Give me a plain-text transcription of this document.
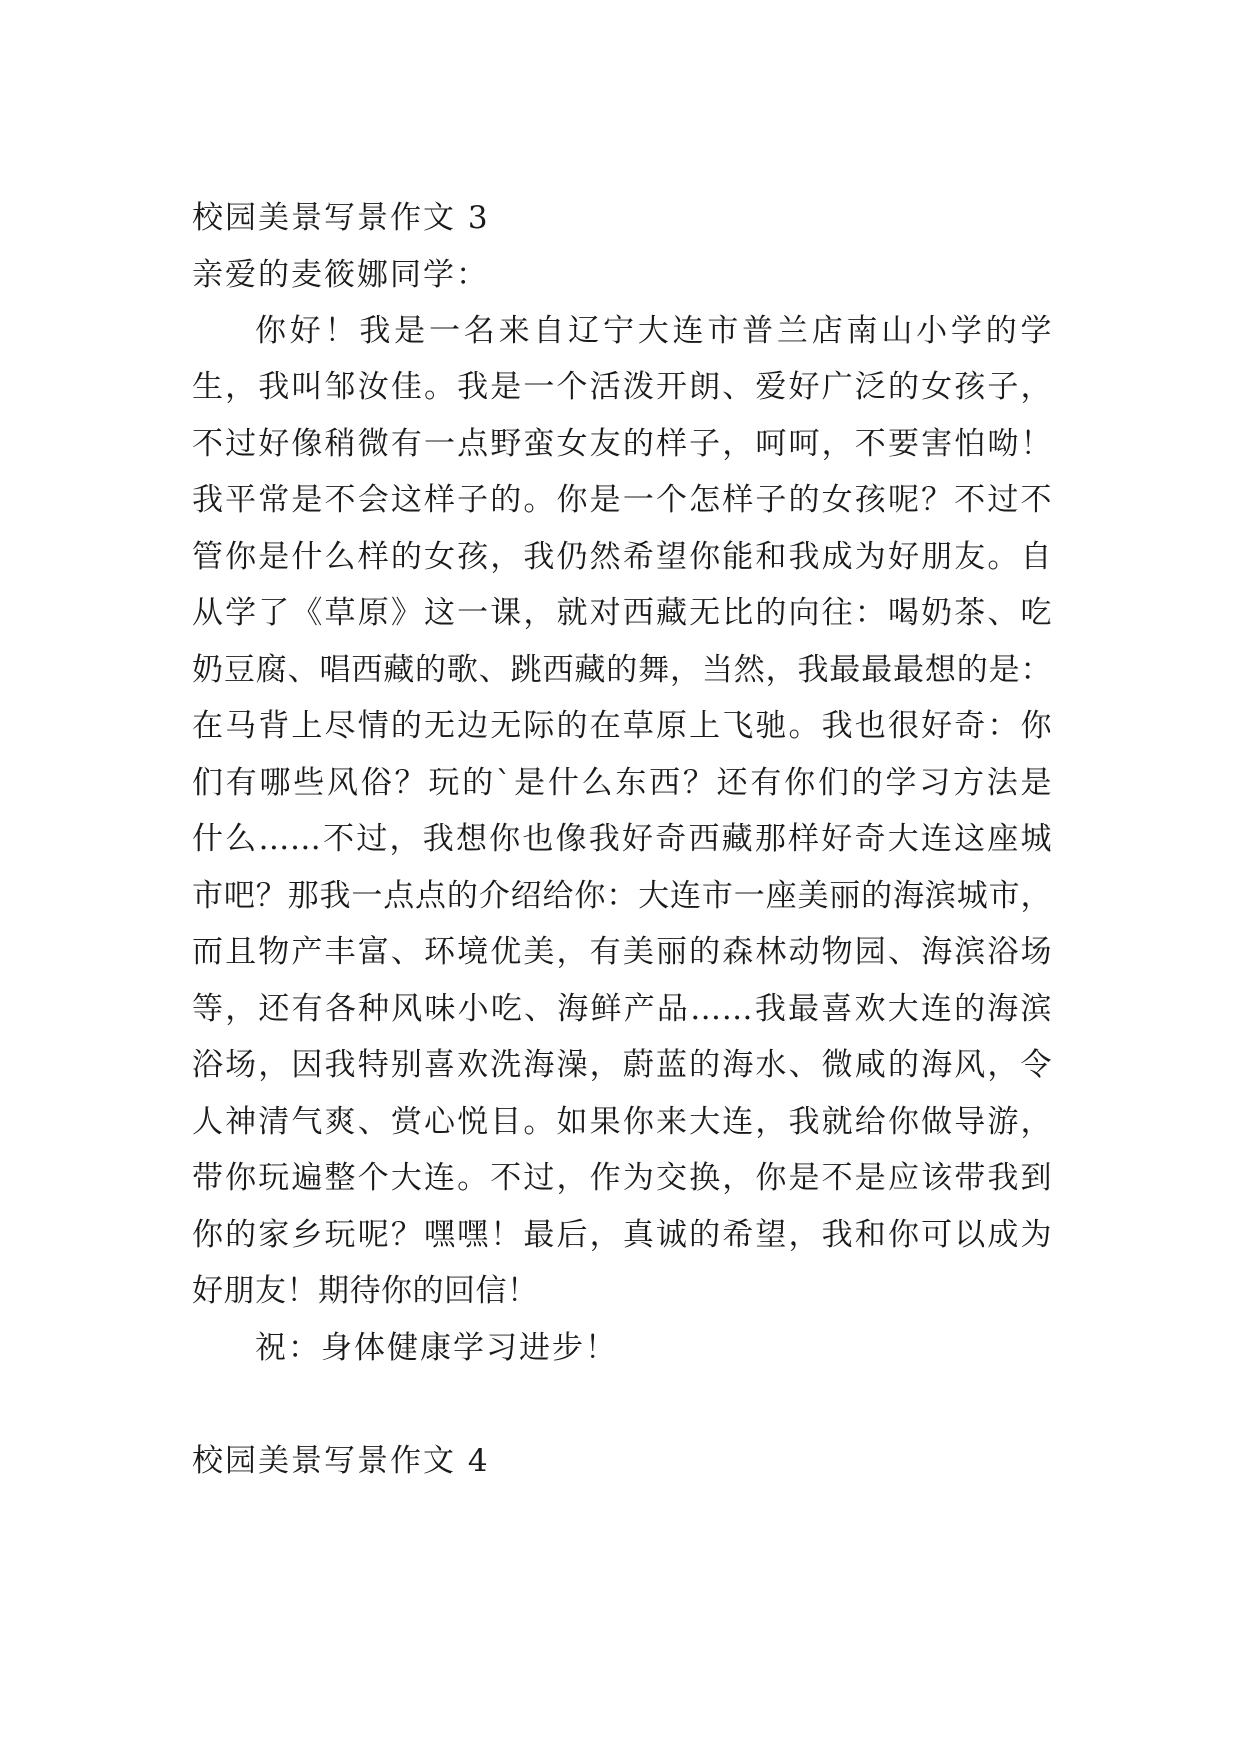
校园美景写景作文 3
亲爱的麦筱娜同学：
你好！我是一名来自辽宁大连市普兰店南山小学的学
生，我叫邹汝佳。我是一个活泼开朗、爱好广泛的女孩子，
不过好像稍微有一点野蛮女友的样子，呵呵，不要害怕呦！
我平常是不会这样子的。你是一个怎样子的女孩呢？不过不
管你是什么样的女孩，我仍然希望你能和我成为好朋友。自
从学了《草原》这一课，就对西藏无比的向往：喝奶茶、吃
奶豆腐、唱西藏的歌、跳西藏的舞，当然，我最最最想的是：
在马背上尽情的无边无际的在草原上飞驰。我也很好奇：你
们有哪些风俗？玩的`是什么东西？还有你们的学习方法是
什么……不过，我想你也像我好奇西藏那样好奇大连这座城
市吧？那我一点点的介绍给你：大连市一座美丽的海滨城市，
而且物产丰富、环境优美，有美丽的森林动物园、海滨浴场
等，还有各种风味小吃、海鲜产品……我最喜欢大连的海滨
浴场，因我特别喜欢洗海澡，蔚蓝的海水、微咸的海风，令
人神清气爽、赏心悦目。如果你来大连，我就给你做导游，
带你玩遍整个大连。不过，作为交换，你是不是应该带我到
你的家乡玩呢？嘿嘿！最后，真诚的希望，我和你可以成为
好朋友！期待你的回信！
祝：身体健康学习进步！
校园美景写景作文 4
